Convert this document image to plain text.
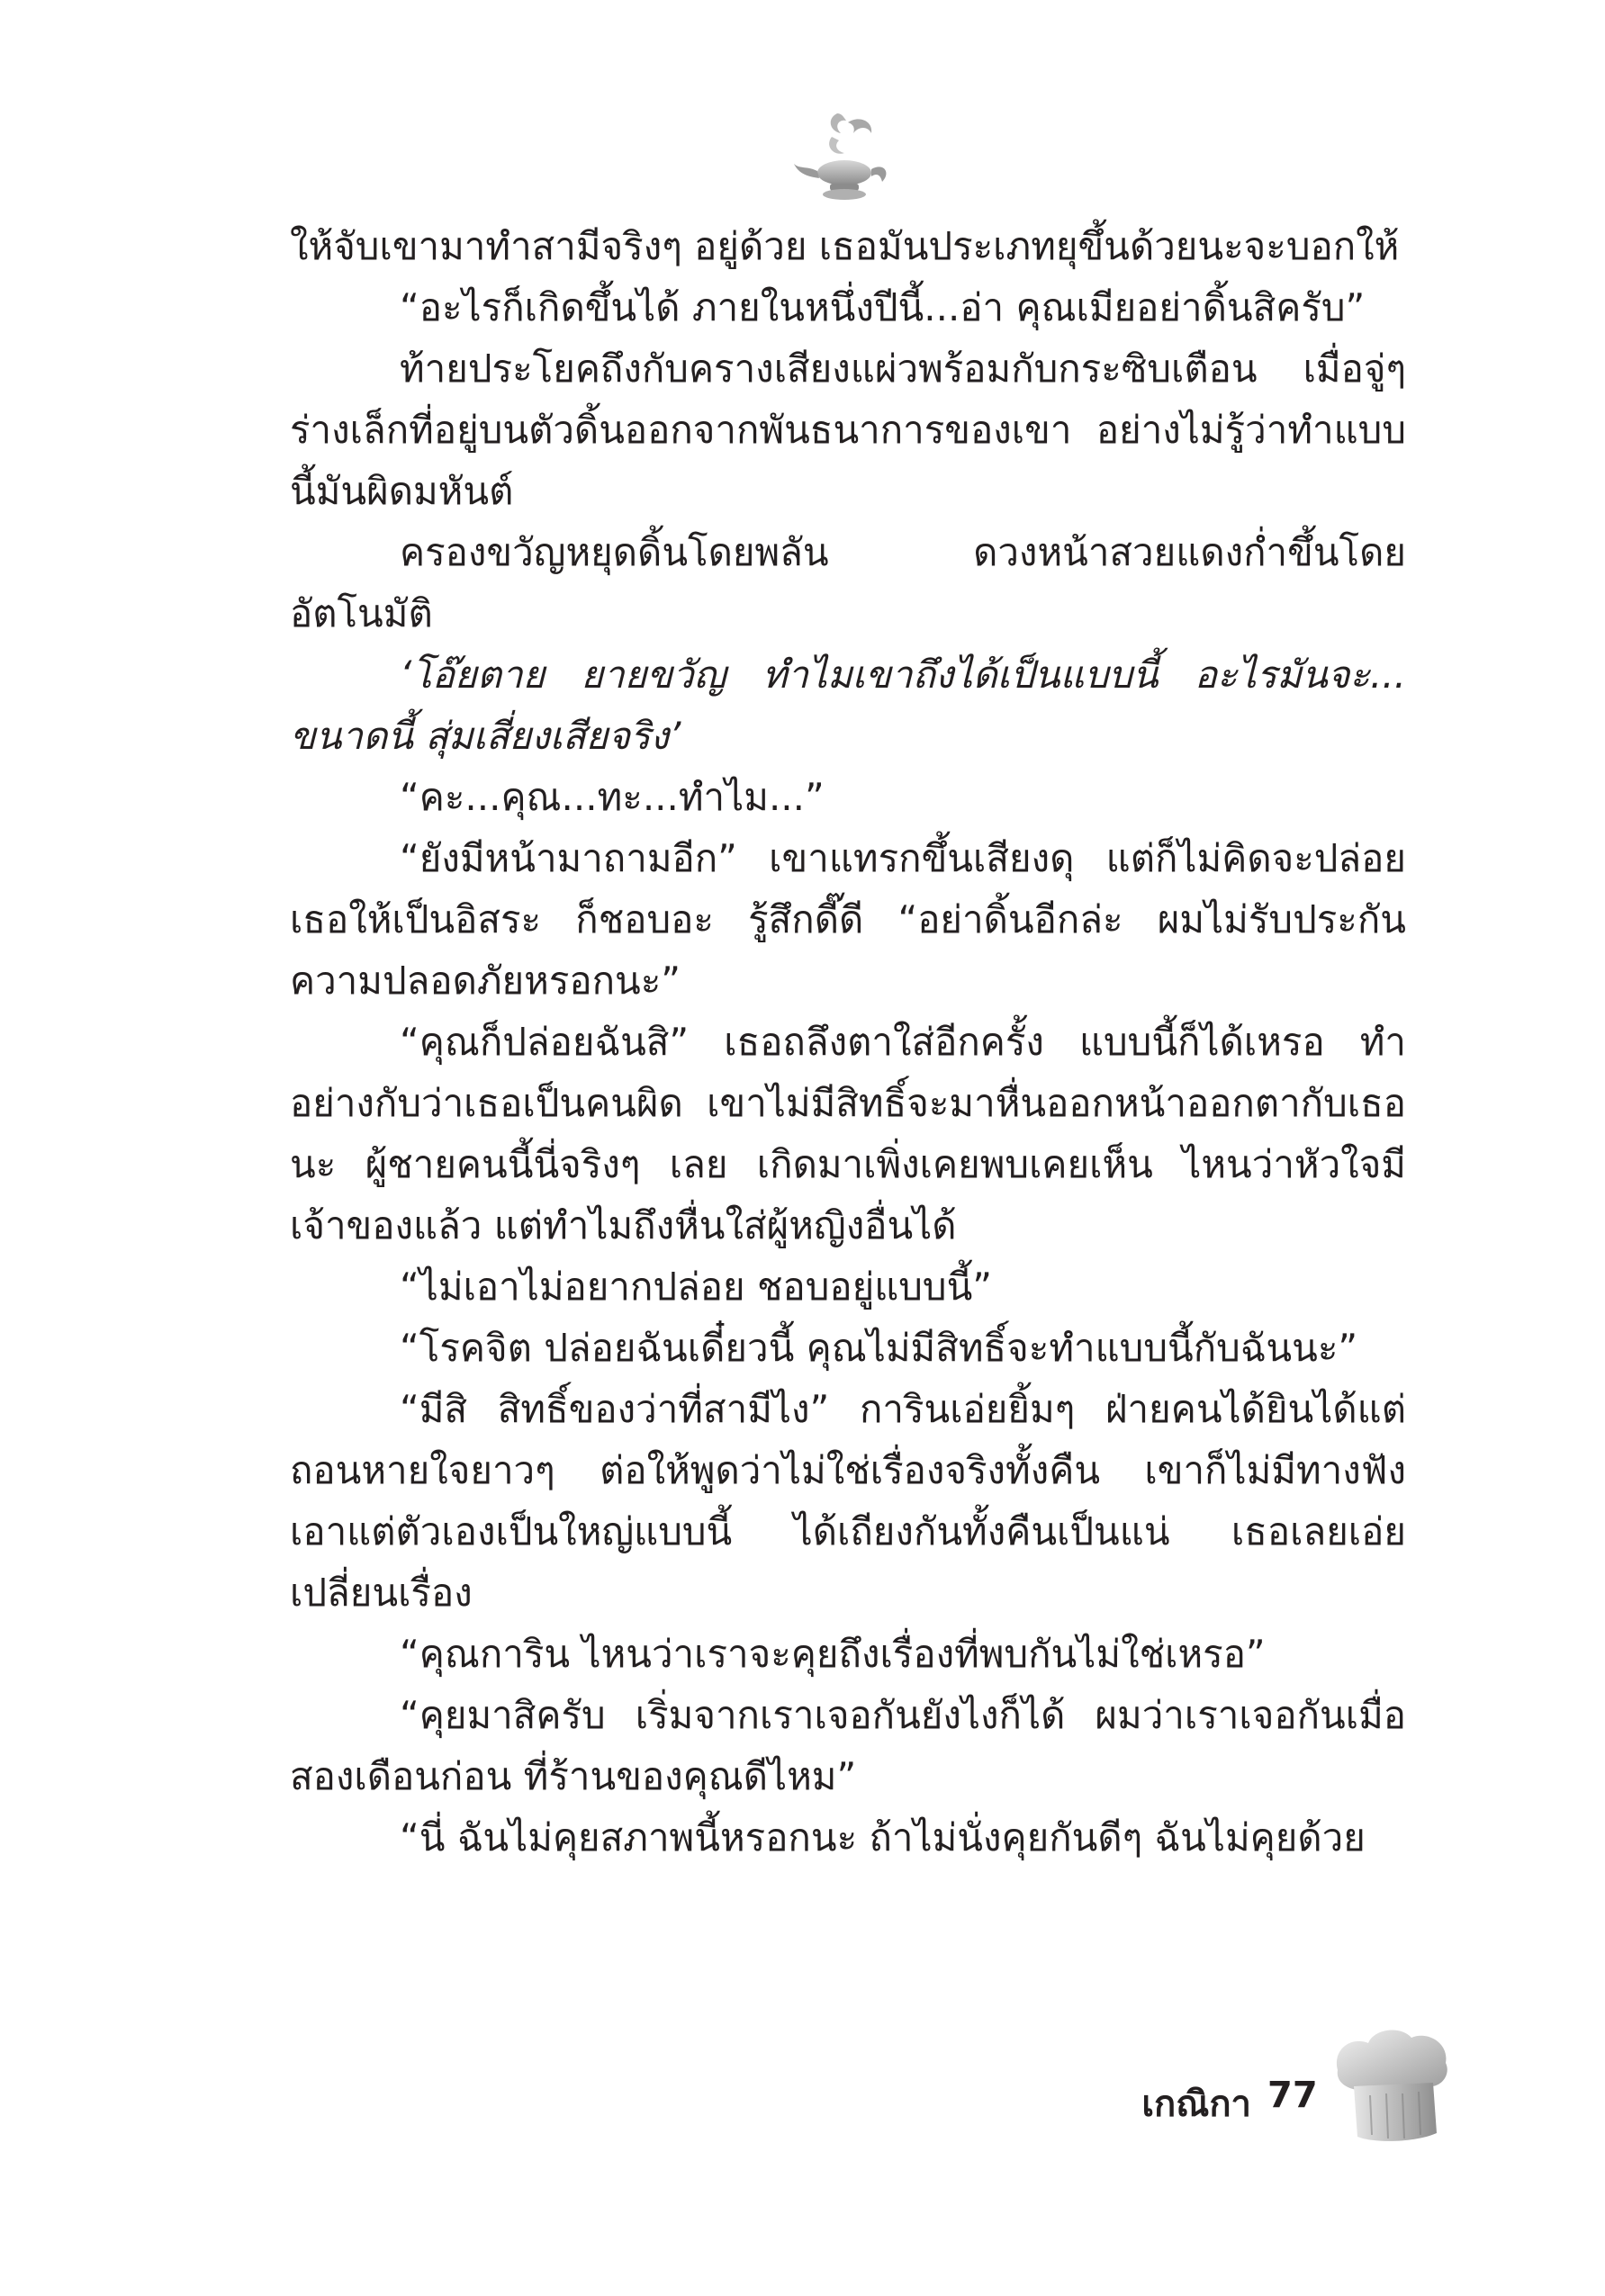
ให้จับเขามาทำสามีจริงๆ อยู่ด้วย เธอมันประเภทยุขึ้นด้วยนะจะบอกให้

“อะไรก็เกิดขึ้นได้ ภายในหนึ่งปีนี้...อ่า คุณเมียอย่าดิ้นสิครับ”

ท้ายประโยคถึงกับครางเสียงแผ่วพร้อมกับกระซิบเตือน เมื่อจู่ๆ ร่างเล็กที่อยู่บนตัวดิ้นออกจากพันธนาการของเขา อย่างไม่รู้ว่าทำแบบนี้มันผิดมหันต์

ครองขวัญหยุดดิ้นโดยพลัน ดวงหน้าสวยแดงก่ำขึ้นโดยอัตโนมัติ

‘โอ๊ยตาย ยายขวัญ ทำไมเขาถึงได้เป็นแบบนี้ อะไรมันจะ... ขนาดนี้ สุ่มเสี่ยงเสียจริง’

“คะ...คุณ...ทะ...ทำไม...”

“ยังมีหน้ามาถามอีก” เขาแทรกขึ้นเสียงดุ แต่ก็ไม่คิดจะปล่อยเธอให้เป็นอิสระ ก็ชอบอะ รู้สึกดี๊ดี “อย่าดิ้นอีกล่ะ ผมไม่รับประกันความปลอดภัยหรอกนะ”

“คุณก็ปล่อยฉันสิ” เธอถลึงตาใส่อีกครั้ง แบบนี้ก็ได้เหรอ ทำอย่างกับว่าเธอเป็นคนผิด เขาไม่มีสิทธิ์จะมาหื่นออกหน้าออกตากับเธอนะ ผู้ชายคนนี้นี่จริงๆ เลย เกิดมาเพิ่งเคยพบเคยเห็น ไหนว่าหัวใจมีเจ้าของแล้ว แต่ทำไมถึงหื่นใส่ผู้หญิงอื่นได้

“ไม่เอาไม่อยากปล่อย ชอบอยู่แบบนี้”

“โรคจิต ปล่อยฉันเดี๋ยวนี้ คุณไม่มีสิทธิ์จะทำแบบนี้กับฉันนะ”

“มีสิ สิทธิ์ของว่าที่สามีไง” การินเอ่ยยิ้มๆ ฝ่ายคนได้ยินได้แต่ถอนหายใจยาวๆ ต่อให้พูดว่าไม่ใช่เรื่องจริงทั้งคืน เขาก็ไม่มีทางฟังเอาแต่ตัวเองเป็นใหญ่แบบนี้ ได้เถียงกันทั้งคืนเป็นแน่ เธอเลยเอ่ยเปลี่ยนเรื่อง

“คุณการิน ไหนว่าเราจะคุยถึงเรื่องที่พบกันไม่ใช่เหรอ”

“คุยมาสิครับ เริ่มจากเราเจอกันยังไงก็ได้ ผมว่าเราเจอกันเมื่อสองเดือนก่อน ที่ร้านของคุณดีไหม”

“นี่ ฉันไม่คุยสภาพนี้หรอกนะ ถ้าไม่นั่งคุยกันดีๆ ฉันไม่คุยด้วย

เกณิกา 77
